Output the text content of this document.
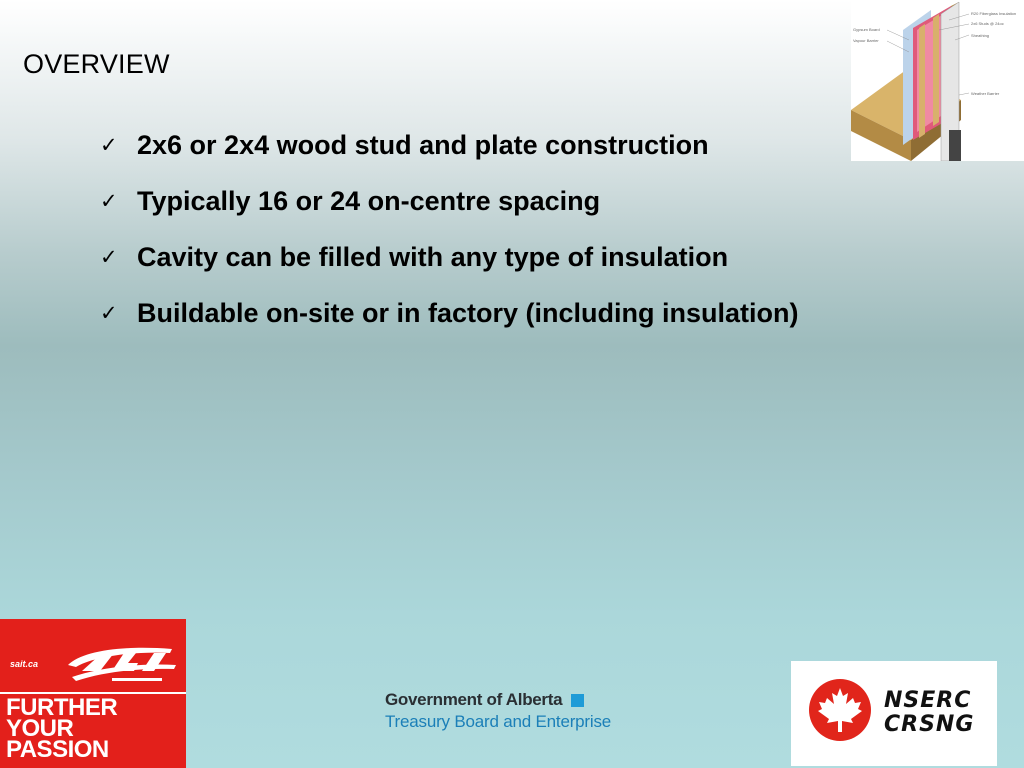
OVERVIEW
✓ 2x6 or 2x4 wood stud and plate construction
✓ Typically 16 or 24 on-centre spacing
✓ Cavity can be filled with any type of insulation
✓ Buildable on-site or in factory (including insulation)
Gypsum Board
Vapour Barrier
R20 Fiberglass Insulation
2x6 Studs @ 24oc
Sheathing
Weather Barrier
sait.ca
FURTHER
YOUR
PASSION
Government of Alberta
Treasury Board and Enterprise
NSERC
CRSNG
